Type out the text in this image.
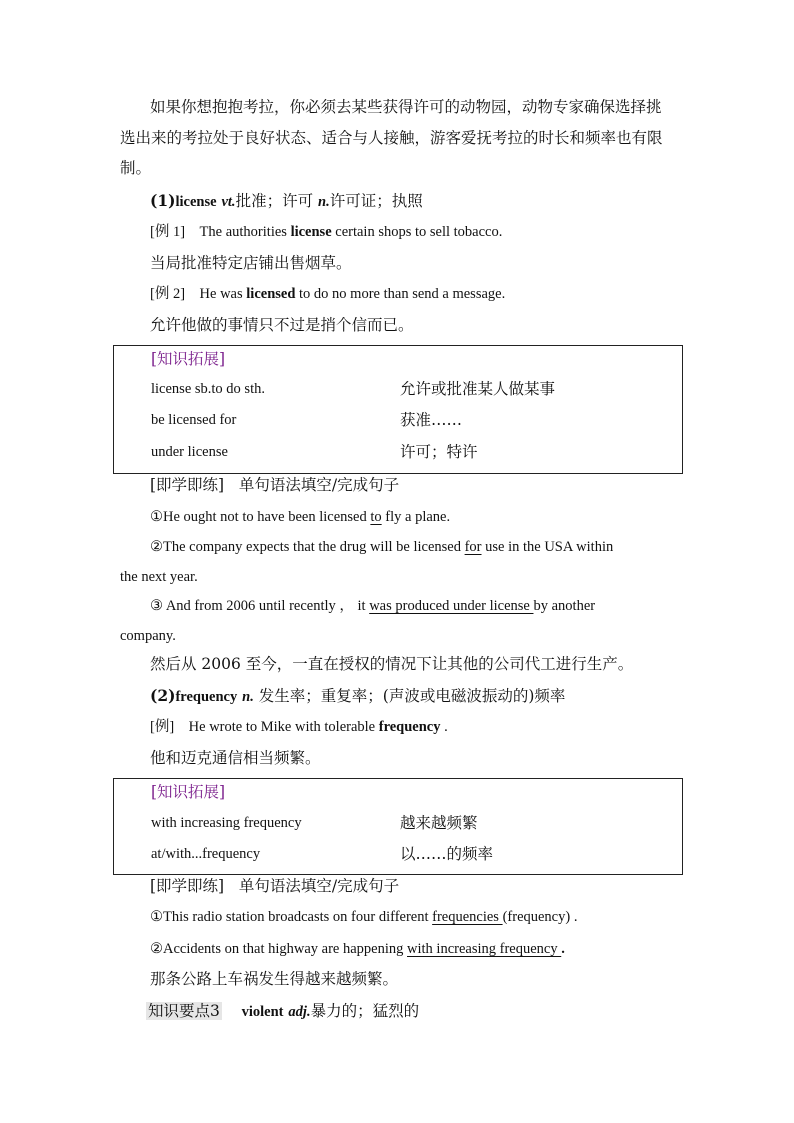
如果你想抱抱考拉，你必须去某些获得许可的动物园，动物专家确保选择挑
选出来的考拉处于良好状态、适合与人接触，游客爱抚考拉的时长和频率也有限
制。
(1)license vt.批准；许可 n.许可证；执照
[例 1] The authorities license certain shops to sell tobacco.
当局批准特定店铺出售烟草。
[例 2] He was licensed to do no more than send a message.
允许他做的事情只不过是捎个信而已。
[知识拓展]
license sb.to do sth.	允许或批准某人做某事
be licensed for	获准……
under license	许可；特许
[即学即练] 单句语法填空/完成句子
①He ought not to have been licensed to fly a plane.
②The company expects that the drug will be licensed for use in the USA within
the next year.
③ And from 2006 until recently ， it was produced under license by another
company.
然后从 2006 至今，一直在授权的情况下让其他的公司代工进行生产。
(2)frequency n. 发生率；重复率；(声波或电磁波振动的)频率
[例] He wrote to Mike with tolerable frequency .
他和迈克通信相当频繁。
[知识拓展]
with increasing frequency	越来越频繁
at/with...frequency	以……的频率
[即学即练] 单句语法填空/完成句子
①This radio station broadcasts on four different frequencies (frequency) .
②Accidents on that highway are happening with increasing frequency .
那条公路上车祸发生得越来越频繁。
知识要点3 violent adj.暴力的；猛烈的
